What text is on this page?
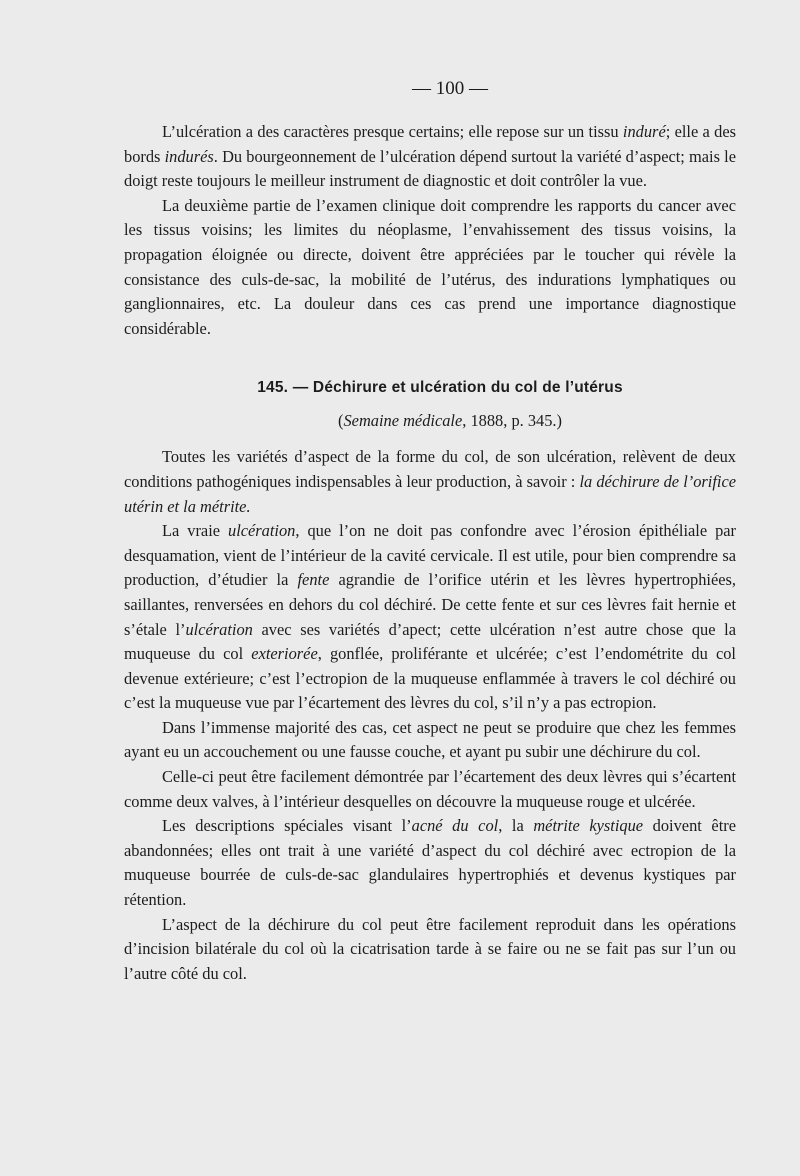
— 100 —

L’ulcération a des caractères presque certains; elle repose sur un tissu induré; elle a des bords indurés. Du bourgeonnement de l’ulcération dépend surtout la variété d’aspect; mais le doigt reste toujours le meilleur instrument de diagnostic et doit contrôler la vue.

La deuxième partie de l’examen clinique doit comprendre les rapports du cancer avec les tissus voisins; les limites du néoplasme, l’envahissement des tissus voisins, la propagation éloignée ou directe, doivent être appréciées par le toucher qui révèle la consistance des culs-de-sac, la mobilité de l’utérus, des indurations lymphatiques ou ganglionnaires, etc. La douleur dans ces cas prend une importance diagnostique considérable.

145. — Déchirure et ulcération du col de l’utérus
(Semaine médicale, 1888, p. 345.)

Toutes les variétés d’aspect de la forme du col, de son ulcération, relèvent de deux conditions pathogéniques indispensables à leur production, à savoir : la déchirure de l’orifice utérin et la métrite.

La vraie ulcération, que l’on ne doit pas confondre avec l’érosion épithéliale par desquamation, vient de l’intérieur de la cavité cervicale. Il est utile, pour bien comprendre sa production, d’étudier la fente agrandie de l’orifice utérin et les lèvres hypertrophiées, saillantes, renversées en dehors du col déchiré. De cette fente et sur ces lèvres fait hernie et s’étale l’ulcération avec ses variétés d’apect; cette ulcération n’est autre chose que la muqueuse du col exteriorée, gonflée, proliférante et ulcérée; c’est l’endométrite du col devenue extérieure; c’est l’ectropion de la muqueuse enflammée à travers le col déchiré ou c’est la muqueuse vue par l’écartement des lèvres du col, s’il n’y a pas ectropion.

Dans l’immense majorité des cas, cet aspect ne peut se produire que chez les femmes ayant eu un accouchement ou une fausse couche, et ayant pu subir une déchirure du col.

Celle-ci peut être facilement démontrée par l’écartement des deux lèvres qui s’écartent comme deux valves, à l’intérieur desquelles on découvre la muqueuse rouge et ulcérée.

Les descriptions spéciales visant l’acné du col, la métrite kystique doivent être abandonnées; elles ont trait à une variété d’aspect du col déchiré avec ectropion de la muqueuse bourrée de culs-de-sac glandulaires hypertrophiés et devenus kystiques par rétention.

L’aspect de la déchirure du col peut être facilement reproduit dans les opérations d’incision bilatérale du col où la cicatrisation tarde à se faire ou ne se fait pas sur l’un ou l’autre côté du col.
